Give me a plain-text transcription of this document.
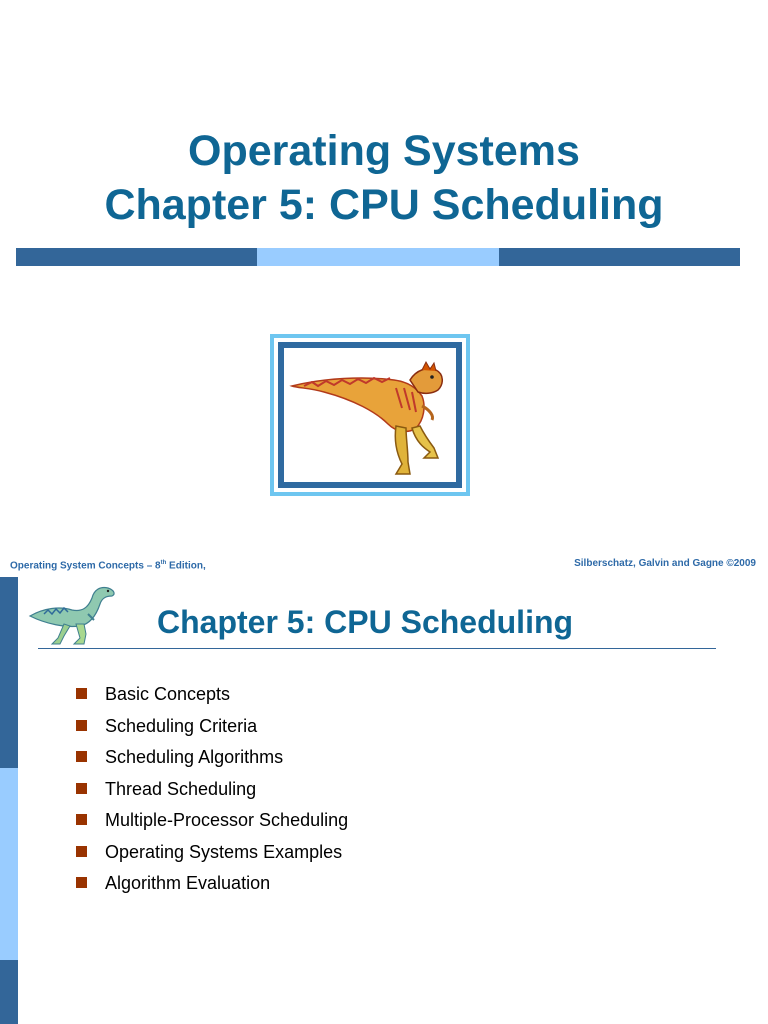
Operating Systems
Chapter 5: CPU Scheduling
Operating System Concepts – 8th Edition,	Silberschatz, Galvin and Gagne ©2009
Chapter 5: CPU Scheduling
Basic Concepts
Scheduling Criteria
Scheduling Algorithms
Thread Scheduling
Multiple-Processor Scheduling
Operating Systems Examples
Algorithm Evaluation
